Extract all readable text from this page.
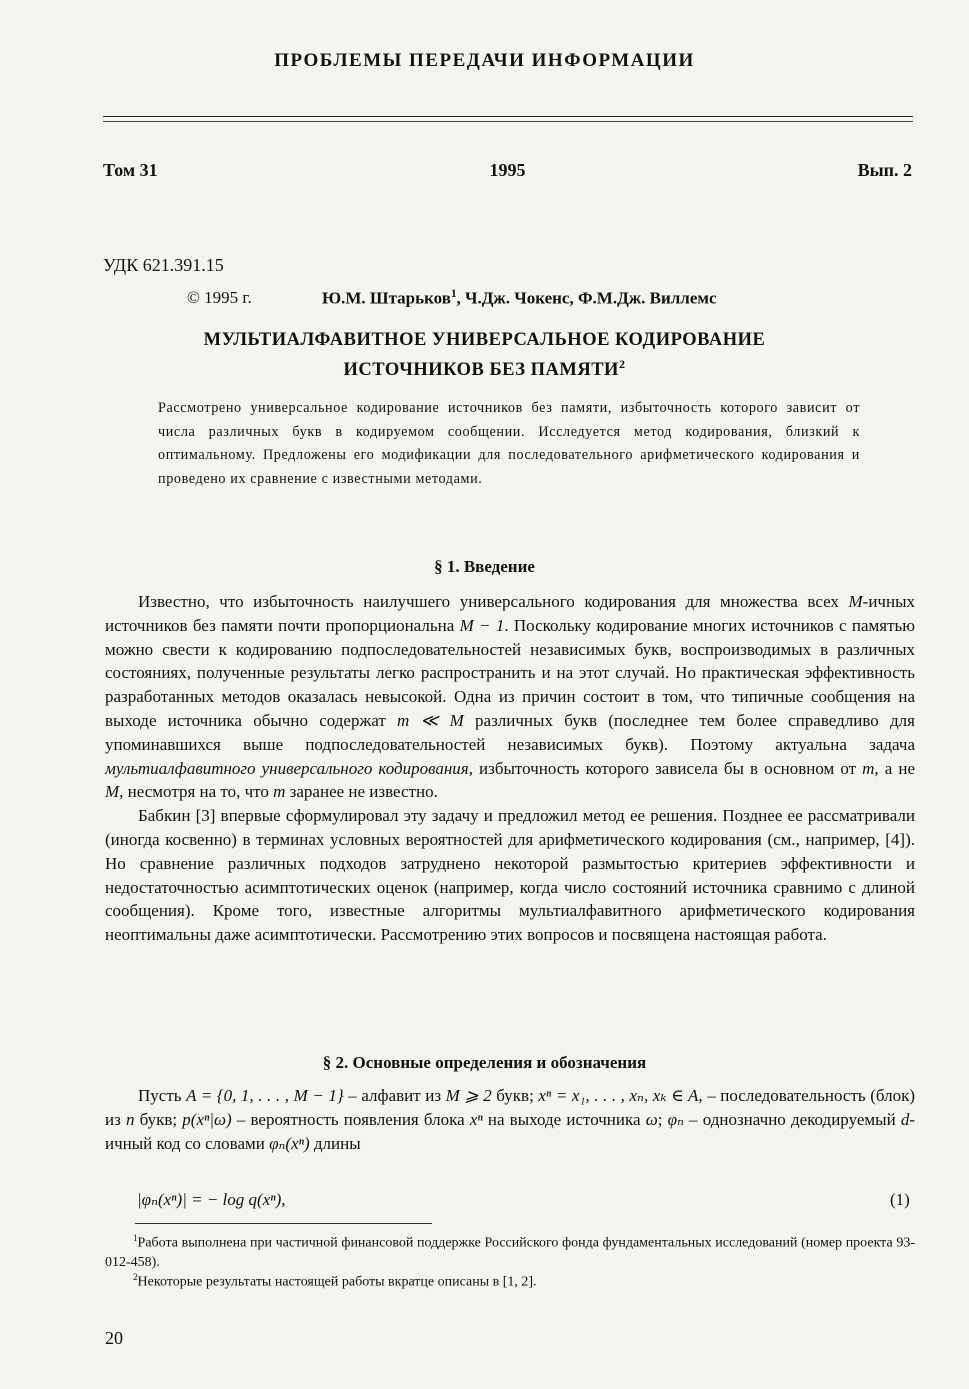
ПРОБЛЕМЫ ПЕРЕДАЧИ ИНФОРМАЦИИ
Том 31	1995	Вып. 2
УДК 621.391.15
© 1995 г.	Ю.М. Штарьков$^1$, Ч.Дж. Чокенс, Ф.М.Дж. Виллемс
МУЛЬТИАЛФАВИТНОЕ УНИВЕРСАЛЬНОЕ КОДИРОВАНИЕ
ИСТОЧНИКОВ БЕЗ ПАМЯТИ$^2$
Рассмотрено универсальное кодирование источников без памяти, избыточность которого зависит от числа различных букв в кодируемом сообщении. Исследуется метод кодирования, близкий к оптимальному. Предложены его модификации для последовательного арифметического кодирования и проведено их сравнение с известными методами.
§ 1. Введение

Известно, что избыточность наилучшего универсального кодирования для множества всех M-ичных источников без памяти почти пропорциональна M − 1. Поскольку кодирование многих источников с памятью можно свести к кодированию подпоследовательностей независимых букв, воспроизводимых в различных состояниях, полученные результаты легко распространить и на этот случай. Но практическая эффективность разработанных методов оказалась невысокой. Одна из причин состоит в том, что типичные сообщения на выходе источника обычно содержат m ≪ M различных букв (последнее тем более справедливо для упоминавшихся выше подпоследовательностей независимых букв). Поэтому актуальна задача мультиалфавитного универсального кодирования, избыточность которого зависела бы в основном от m, а не M, несмотря на то, что m заранее не известно.

Бабкин [3] впервые сформулировал эту задачу и предложил метод ее решения. Позднее ее рассматривали (иногда косвенно) в терминах условных вероятностей для арифметического кодирования (см., например, [4]). Но сравнение различных подходов затруднено некоторой размытостью критериев эффективности и недостаточностью асимптотических оценок (например, когда число состояний источника сравнимо с длиной сообщения). Кроме того, известные алгоритмы мультиалфавитного арифметического кодирования неоптимальны даже асимптотически. Рассмотрению этих вопросов и посвящена настоящая работа.

§ 2. Основные определения и обозначения

Пусть A = {0, 1, . . . , M − 1} – алфавит из M ⩾ 2 букв; xⁿ = x₁, . . . , xₙ, xₖ ∈ A, – последовательность (блок) из n букв; p(xⁿ|ω) – вероятность появления блока xⁿ на выходе источника ω; φₙ – однозначно декодируемый d-ичный код со словами φₙ(xⁿ) длины

|φₙ(xⁿ)| = − log q(xⁿ),	(1)
$^1$Работа выполнена при частичной финансовой поддержке Российского фонда фундаментальных исследований (номер проекта 93-012-458).
$^2$Некоторые результаты настоящей работы вкратце описаны в [1, 2].
20
